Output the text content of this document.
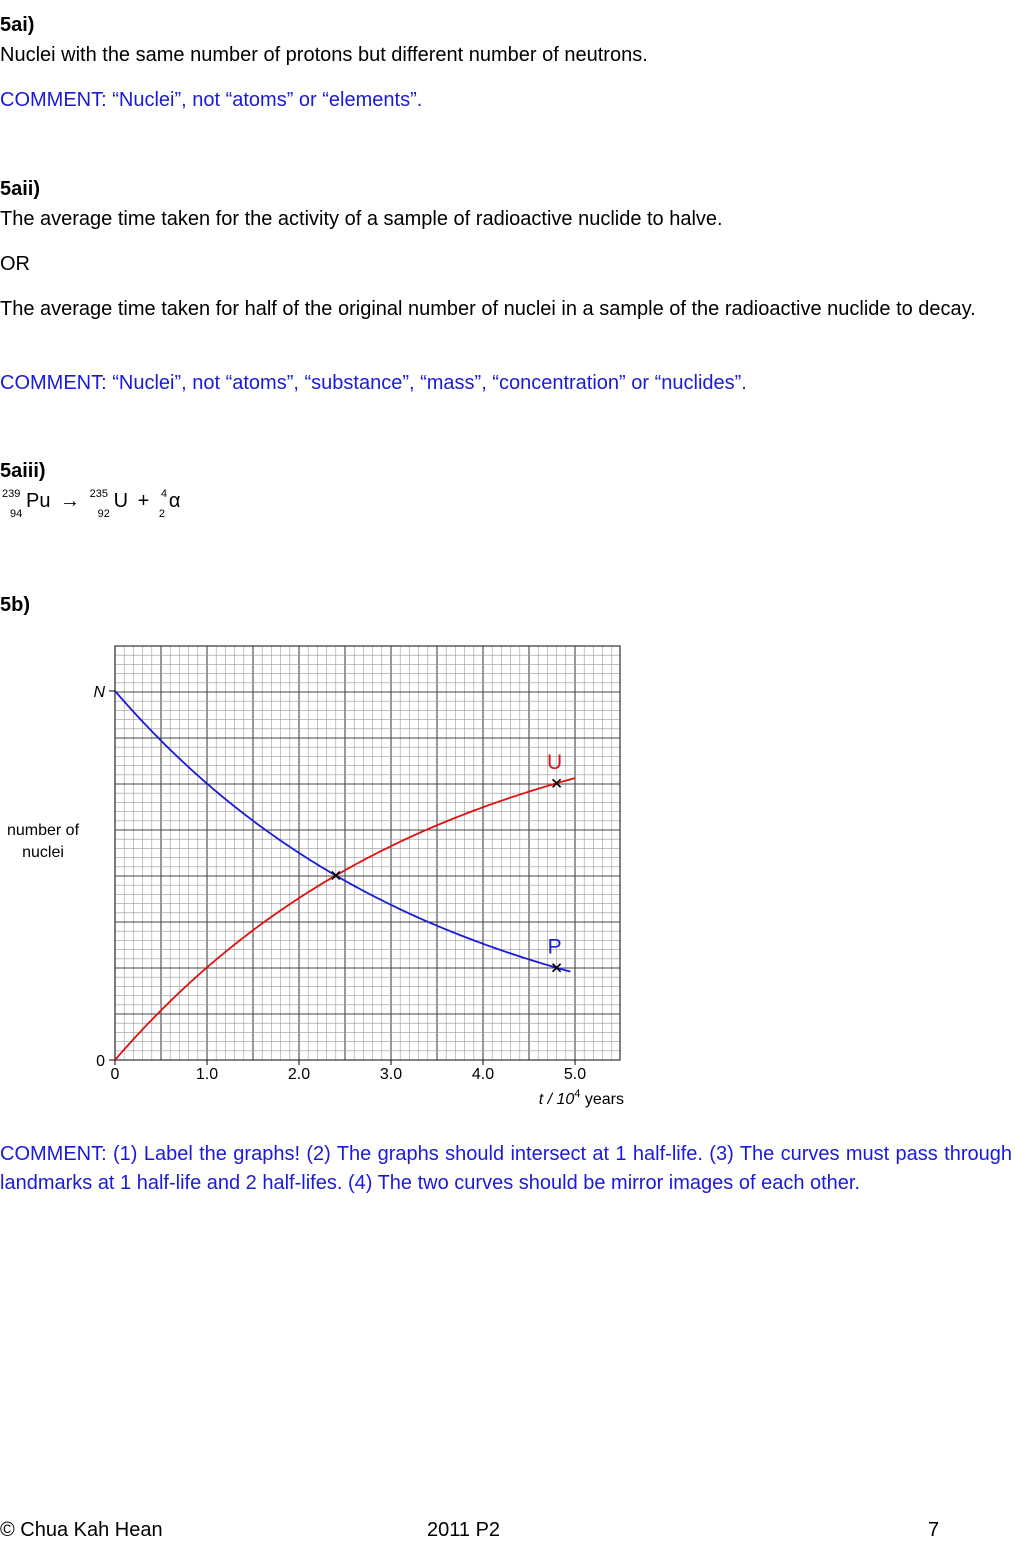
5ai)
Nuclei with the same number of protons but different number of neutrons.
COMMENT: “Nuclei”, not “atoms” or “elements”.
5aii)
The average time taken for the activity of a sample of radioactive nuclide to halve.
OR
The average time taken for half of the original number of nuclei in a sample of the radioactive nuclide to decay.
COMMENT: “Nuclei”, not “atoms”, “substance”, “mass”, “concentration” or “nuclides”.
5aiii)
239
94
Pu → 235
92
U + 4
2
α
5b)
number of
nuclei
t / $10^4$ years
0	1.0	2.0	3.0	4.0	5.0
0
N
U
P
COMMENT: (1) Label the graphs! (2) The graphs should intersect at 1 half-life. (3) The curves must pass through landmarks at 1 half-life and 2 half-lifes. (4) The two curves should be mirror images of each other.
© Chua Kah Hean	2011 P2	7
